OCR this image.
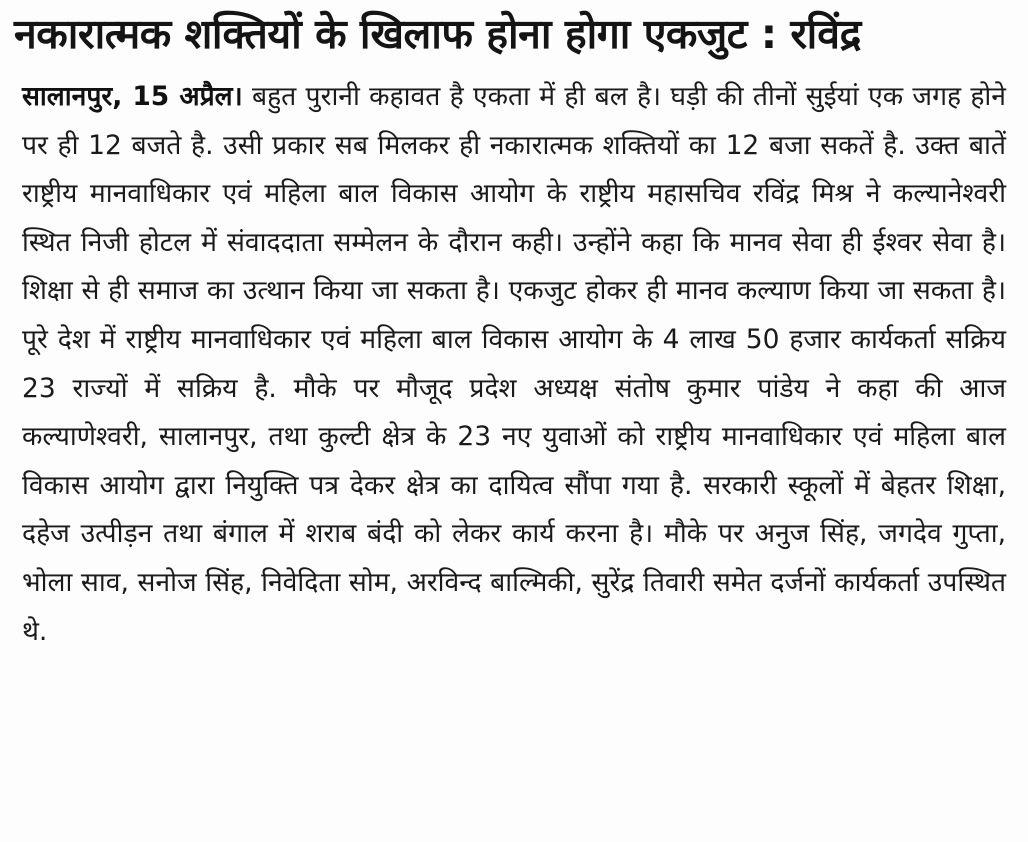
नकारात्मक शक्तियों के खिलाफ होना होगा एकजुट : रविंद्र

सालानपुर, 15 अप्रैल। बहुत पुरानी कहावत है एकता में ही बल है। घड़ी की तीनों सुईयां एक जगह होने पर ही 12 बजते है. उसी प्रकार सब मिलकर ही नकारात्मक शक्तियों का 12 बजा सकतें है. उक्त बातें राष्ट्रीय मानवाधिकार एवं महिला बाल विकास आयोग के राष्ट्रीय महासचिव रविंद्र मिश्र ने कल्यानेश्वरी स्थित निजी होटल में संवाददाता सम्मेलन के दौरान कही। उन्होंने कहा कि मानव सेवा ही ईश्वर सेवा है। शिक्षा से ही समाज का उत्थान किया जा सकता है। एकजुट होकर ही मानव कल्याण किया जा सकता है। पूरे देश में राष्ट्रीय मानवाधिकार एवं महिला बाल विकास आयोग के 4 लाख 50 हजार कार्यकर्ता सक्रिय 23 राज्यों में सक्रिय है. मौके पर मौजूद प्रदेश अध्यक्ष संतोष कुमार पांडेय ने कहा की आज कल्याणेश्वरी, सालानपुर, तथा कुल्टी क्षेत्र के 23 नए युवाओं को राष्ट्रीय मानवाधिकार एवं महिला बाल विकास आयोग द्वारा नियुक्ति पत्र देकर क्षेत्र का दायित्व सौंपा गया है. सरकारी स्कूलों में बेहतर शिक्षा, दहेज उत्पीड़न तथा बंगाल में शराब बंदी को लेकर कार्य करना है। मौके पर अनुज सिंह, जगदेव गुप्ता, भोला साव, सनोज सिंह, निवेदिता सोम, अरविन्द बाल्मिकी, सुरेंद्र तिवारी समेत दर्जनों कार्यकर्ता उपस्थित थे.
